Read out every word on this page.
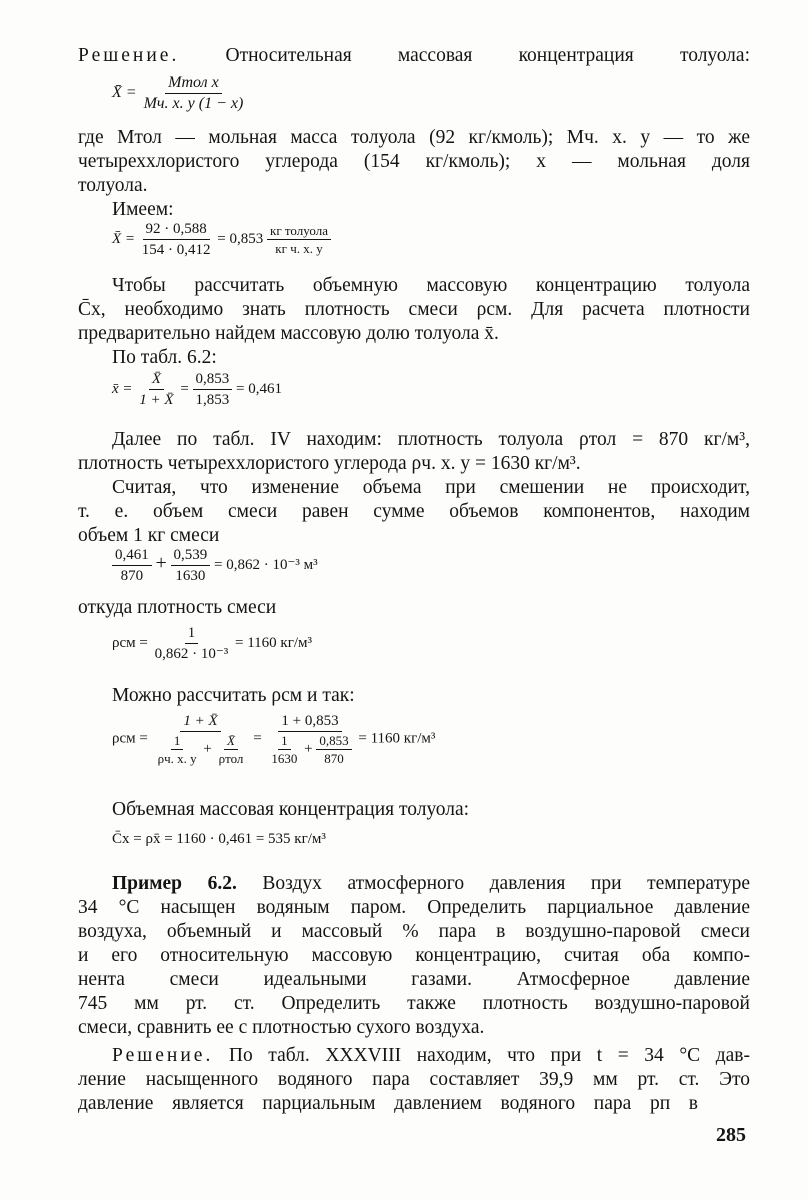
Решение. Относительная массовая концентрация толуола:
X̄ = $\frac{\text{Mтол x}}{Mч. х. у (1 - x)}$
где Mтол — мольная масса толуола (92 кг/кмоль); Mч. х. у — то же
четыреххлористого углерода (154 кг/кмоль); x — мольная доля
толуола.
Имеем:
X̄ = $\frac{92 \cdot 0,588}{154 \cdot 0,412} = 0,853 \frac{\text{кг толуола}}{\text{кг ч. х. у}}$
Чтобы рассчитать объемную массовую концентрацию толуола
C̄x, необходимо знать плотность смеси ρсм. Для расчета плотности
предварительно найдем массовую долю толуола x̄.
По табл. 6.2:
x̄ = $\frac{X̄}{1 + X̄} = \frac{0,853}{1,853} = 0,461$
Далее по табл. IV находим: плотность толуола ρтол = 870 кг/м³,
плотность четыреххлористого углерода ρч. х. у = 1630 кг/м³.
Считая, что изменение объема при смешении не происходит,
т. е. объем смеси равен сумме объемов компонентов, находим
объем 1 кг смеси
$\frac{0,461}{870} + \frac{0,539}{1630} = 0,862 \cdot 10^{-3}$ м³
откуда плотность смеси
$\rho см = \frac{1}{\text{0,862 · 10⁻³}} = 1160$ кг/м³
Можно рассчитать ρсм и так:
$\rho см = \frac{1 + X̄}{\frac{1}{\rho ч. х. у} + \frac{X̄}{\text{ρтол}}} = \frac{1 + 0,853}{\frac{1}{1630} + \frac{0,853}{870}} = 1160$ кг/м³
Объемная массовая концентрация толуола:
C̄x = ρx̄ = 1160 · 0,461 = 535 кг/м³
Пример 6.2. Воздух атмосферного давления при температуре
34 °С насыщен водяным паром. Определить парциальное давление
воздуха, объемный и массовый % пара в воздушно-паровой смеси
и его относительную массовую концентрацию, считая оба компо-
нента смеси идеальными газами. Атмосферное давление
745 мм рт. ст. Определить также плотность воздушно-паровой
смеси, сравнить ее с плотностью сухого воздуха.
Решение. По табл. XXXVIII находим, что при t = 34 °С дав-
ление насыщенного водяного пара составляет 39,9 мм рт. ст. Это
давление является парциальным давлением водяного пара pп в
285
